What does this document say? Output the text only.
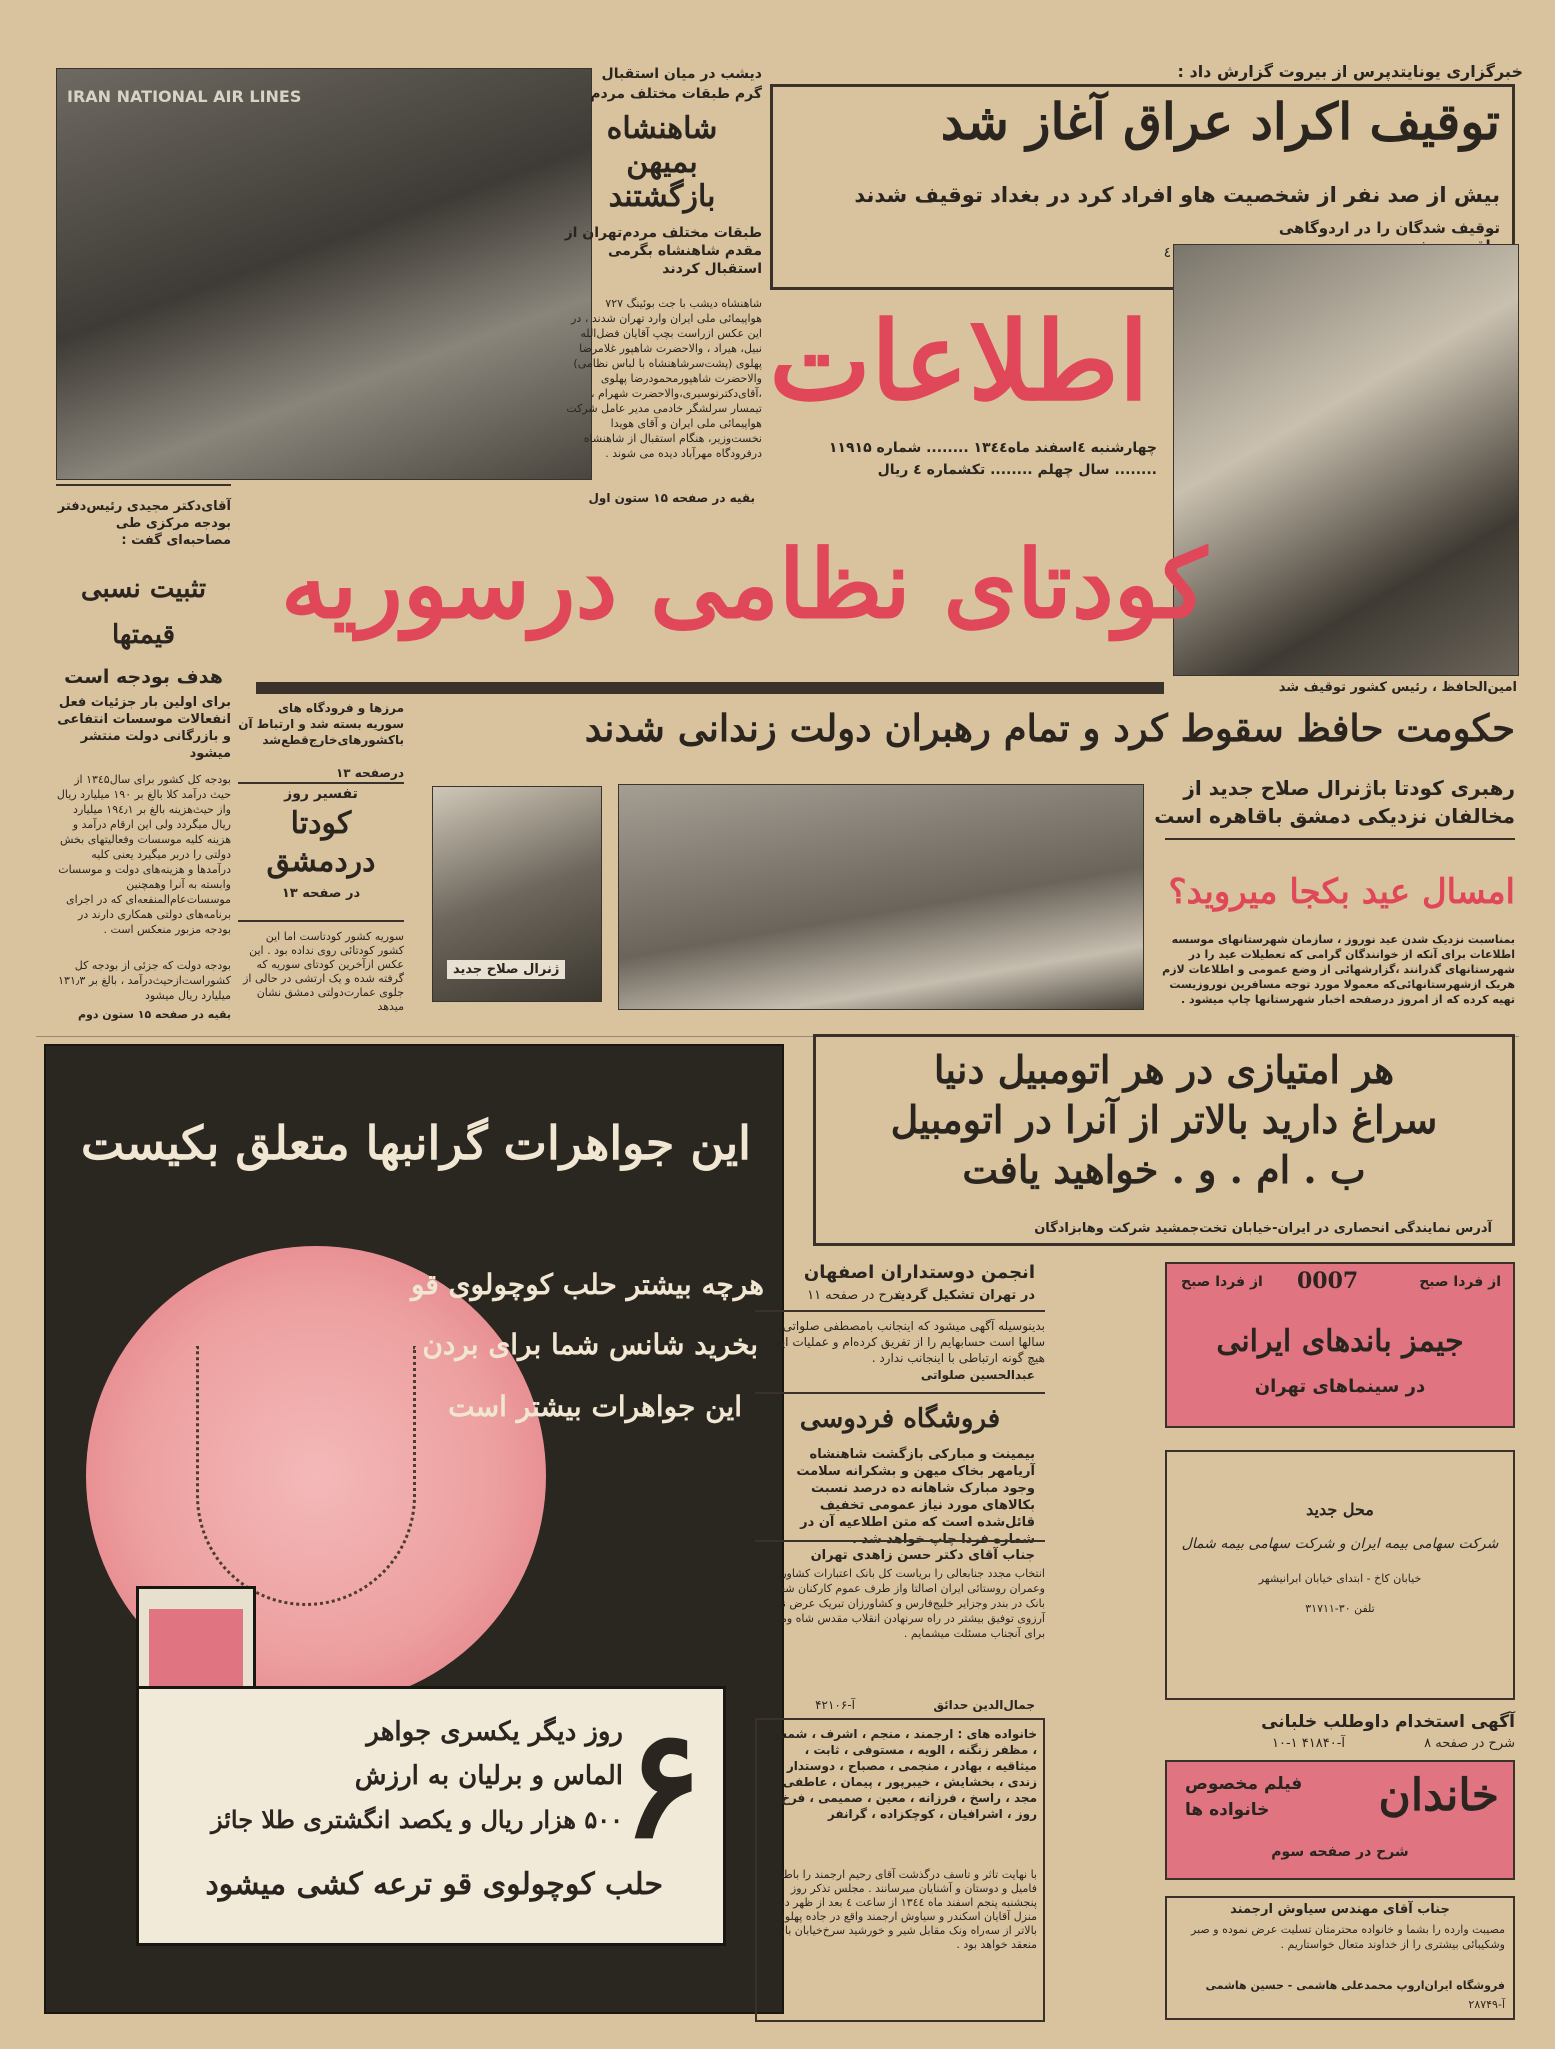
خبرگزاری یونایتدپرس از بیروت گزارش داد :
توقیف اکراد عراق آغاز شد
بیش از صد نفر از شخصیت هاو افراد کرد در بغداد توقیف شدند
توقیف شدگان را در اردوگاهی
٤
امین‌الحافظ ، رئیس کشور توقیف شد
اطلاعات
چهارشنبه ٤اسفند ماه۱۳٤٤ ........ شماره ۱۱۹۱۵
........ سال چهلم ........ تکشماره ٤ ریال
IRAN NATIONAL AIR LINES
دیشب در میان استقبال
گرم طبقات مختلف مردم
شاهنشاه
بمیهن
بازگشتند
طبقات مختلف مردم‌تهران از مقدم شاهنشاه بگرمی استقبال کردند
شاهنشاه دیشب با جت بوئینگ ۷۲۷ هواپیمائی ملی ایران وارد تهران شدند ، در این عکس ازراست بچپ آقایان فضل‌الله نبیل، هیراد ، والاحضرت شاهپور غلامرضا پهلوی (پشت‌سرشاهنشاه با لباس نظامی) والاحضرت شاهپورمحمودرضا پهلوی ،آقای‌دکترنوسیری،والاحضرت شهرام ، تیمسار سرلشگر خادمی مدیر عامل شرکت هواپیمائی ملی ایران و آقای هویدا نخست‌وزیر، هنگام استقبال از شاهنشاه درفرودگاه مهرآباد دیده می شوند .
بقیه در صفحه ۱۵ ستون اول
آقای‌دکتر مجیدی رئیس‌دفتر بودجه مرکزی طی مصاحبه‌ای گفت :
تثبیت نسبی
قیمتها
هدف بودجه است
برای اولین بار جزئیات فعل انفعالات موسسات انتفاعی و بازرگانی دولت منتشر میشود
بودجه کل کشور برای سال۱۳٤۵ از حیث درآمد کلا بالغ بر ۱۹۰ میلیارد ریال واز حیث‌هزینه بالغ بر ۱۹٤٫۱ میلیارد ریال میگردد ولی این ارقام درآمد و هزینه کلیه موسسات وفعالیتهای بخش دولتی را دربر میگیرد یعنی کلیه درآمدها و هزینه‌های دولت و موسسات وابسته به آنرا وهمچنین موسسات‌عام‌المنفعه‌ای که در اجرای برنامه‌های دولتی همکاری دارند در بودجه مزبور منعکس است .
بودجه دولت که جزئی از بودجه کل کشوراست‌از‌حیث‌درآمد ، بالغ بر ۱۳۱٫۳ میلیارد ریال میشود
بقیه در صفحه ۱۵ ستون دوم
کودتای نظامی درسوریه
حکومت حافظ سقوط کرد و تمام رهبران دولت زندانی شدند
مرزها و فرودگاه های سوریه بسته شد و ارتباط آن باکشورهای‌خارج‌قطع‌شد
درصفحه ۱۳
تفسیر روز
کودتا
دردمشق
در صفحه ۱۳
سوریه کشور کودتاست اما این کشور کودتائی روی نداده بود . این عکس ازآخرین کودتای سوریه که گرفته شده و یک ارتشی در حالی از جلوی عمارت‌دولتی دمشق نشان میدهد
ژنرال صلاح جدید
رهبری کودتا باژنرال صلاح جدید از
مخالفان نزدیکی دمشق باقاهره است
امسال عید بکجا میروید؟
بمناسبت نزدیک شدن عید نوروز ، سازمان شهرستانهای موسسه اطلاعات برای آنکه از خوانندگان گرامی که تعطیلات عید را در شهرستانهای گذرانند ،گزارشهائی از وضع عمومی و اطلاعات لازم هریک ازشهرستانهائی‌که معمولا مورد توجه مسافرین نوروزیست تهیه کرده که از امروز درصفحه اخبار شهرستانها چاپ میشود .
این جواهرات گرانبها متعلق بکیست
هرچه بیشتر حلب کوچولوی قو
بخرید شانس شما برای بردن
این جواهرات بیشتر است
۶
روز دیگر یکسری جواهر
الماس و برلیان به ارزش
۵۰۰ هزار ریال و یکصد انگشتری طلا جائز
حلب کوچولوی قو ترعه کشی میشود
هر امتیازی در هر اتومبیل دنیا
سراغ دارید بالاتر از آنرا در اتومبیل
ب . ام . و . خواهید یافت
آدرس نمایندگی انحصاری در ایران-خیابان تخت‌جمشید شرکت وهابزادگان
انجمن دوستداران اصفهان
در تهران تشکیل گردید
شرح در صفحه ۱۱
بدینوسیله آگهی میشود که اینجانب بامصطفی صلواتی سالها است حسابهایم را از تفریق کرده‌ام و عملیات ایشان هیچ گونه ارتباطی با اینجانب ندارد .
عبدالحسین صلواتی
فروشگاه فردوسی
بیمینت و مبارکی بازگشت شاهنشاه آریامهر بخاک میهن و بشکرانه سلامت وجود مبارک شاهانه ده درصد نسبت بکالاهای مورد نیاز عمومی تخفیف قائل‌شده است که متن اطلاعیه آن در
جناب آقای دکتر حسن زاهدی تهران
انتخاب مجدد جنابعالی را بریاست کل بانک اعتبارات کشاورزی وعمران روستائی ایران اصالتا واز طرف عموم کارکنان شعب بانک در بندر وجزایر خلیج‌فارس و کشاورزان تبریک عرض نموده آرزوی توفیق بیشتر در راه سرنهادن انقلاب مقدس شاه وملت برای آنجناب مسئلت میشمایم .
جمال‌الدین حدائق
آ-۴۲۱۰۶
خانواده های : ارجمند ، منجم ، اشرف ، شمس ، مظفر زنگنه ، الویه ، مستوفی ، ثابت ، میثاقیه ، بهادر ، منجمی ، مصباح ، دوستدار ، زندی ، بخشایش ، خیبرپور ، پیمان ، عاطفی ، مجد ، راسخ ، فرزانه ، معین ، صمیمی ، فرخ روز ، اشرافیان ، کوچکزاده ، گرانفر
با نهایت تاثر و تاسف درگذشت آقای رحیم ارجمند را باطلاع فامیل و دوستان و آشنایان میرسانند . مجلس تذکر روز پنجشنبه پنجم اسفند ماه ۱۳٤٤ از ساعت ٤ بعد از ظهر در منزل آقایان اسکندر و سیاوش ارجمند واقع در جاده پهلوی بالاتر از سه‌راه ونک مقابل شیر و خورشید سرخ‌خیابان بابک منعقد خواهد بود .
از فردا صبح
0007
از فردا صبح
جیمز باندهای ایرانی
در سینماهای تهران
محل جدید
شرکت سهامی بیمه ایران و شرکت سهامی بیمه شمال
خیابان کاخ - ابتدای خیابان ابرانیشهر
تلفن ۳۰-۳۱۷۱۱
آگهی استخدام داوطلب خلبانی
شرح در صفحه ۸
آ-۴۱۸۴۰ ۱-۱۰
خاندان
فیلم مخصوص
خانواده ها
شرح در صفحه سوم
جناب آقای مهندس سیاوش ارجمند
مصیبت وارده را بشما و خانواده محترمتان تسلیت عرض نموده و صبر وشکیبائی بیشتری را از خداوند متعال خواستاریم .
فروشگاه ایران‌اروپ محمدعلی هاشمی - حسین هاشمی
آ-۲۸۷۴۹
